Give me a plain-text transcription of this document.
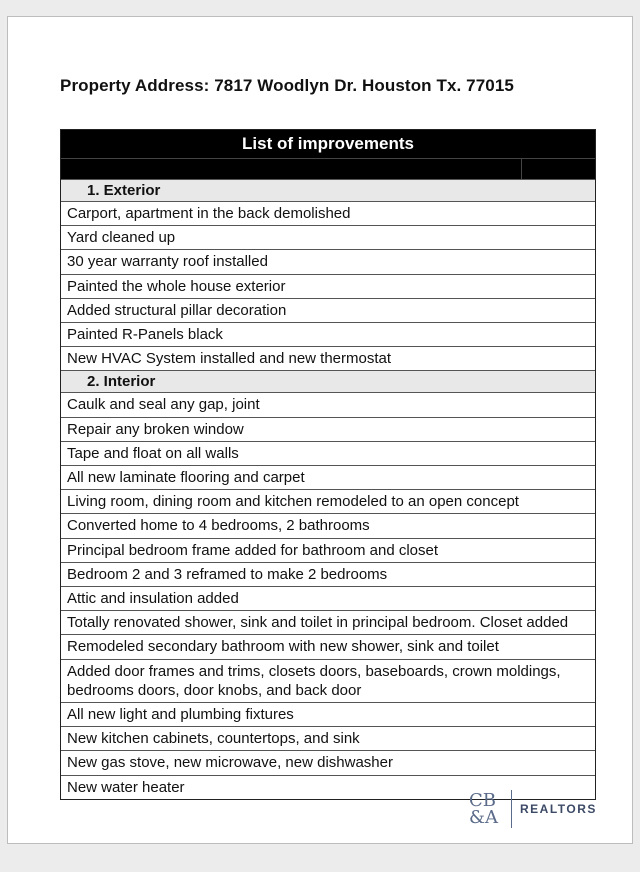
Property Address: 7817 Woodlyn Dr. Houston Tx. 77015
List of improvements
1. Exterior
Carport, apartment in the back demolished
Yard cleaned up
30 year warranty roof installed
Painted the whole house exterior
Added structural pillar decoration
Painted R-Panels black
New HVAC System installed and new thermostat
2. Interior
Caulk and seal any gap, joint
Repair any broken window
Tape and float on all walls
All new laminate flooring and carpet
Living room, dining room and kitchen remodeled to an open concept
Converted home to 4 bedrooms, 2 bathrooms
Principal bedroom frame added for bathroom and closet
Bedroom 2 and 3 reframed to make 2 bedrooms
Attic and insulation added
Totally renovated shower, sink and toilet in principal bedroom. Closet added
Remodeled secondary bathroom with new shower, sink and toilet
Added door frames and trims, closets doors, baseboards, crown moldings, bedrooms doors, door knobs, and back door
All new light and plumbing fixtures
New kitchen cabinets, countertops, and sink
New gas stove, new microwave, new dishwasher
New water heater
CB
&A	REALTORS
